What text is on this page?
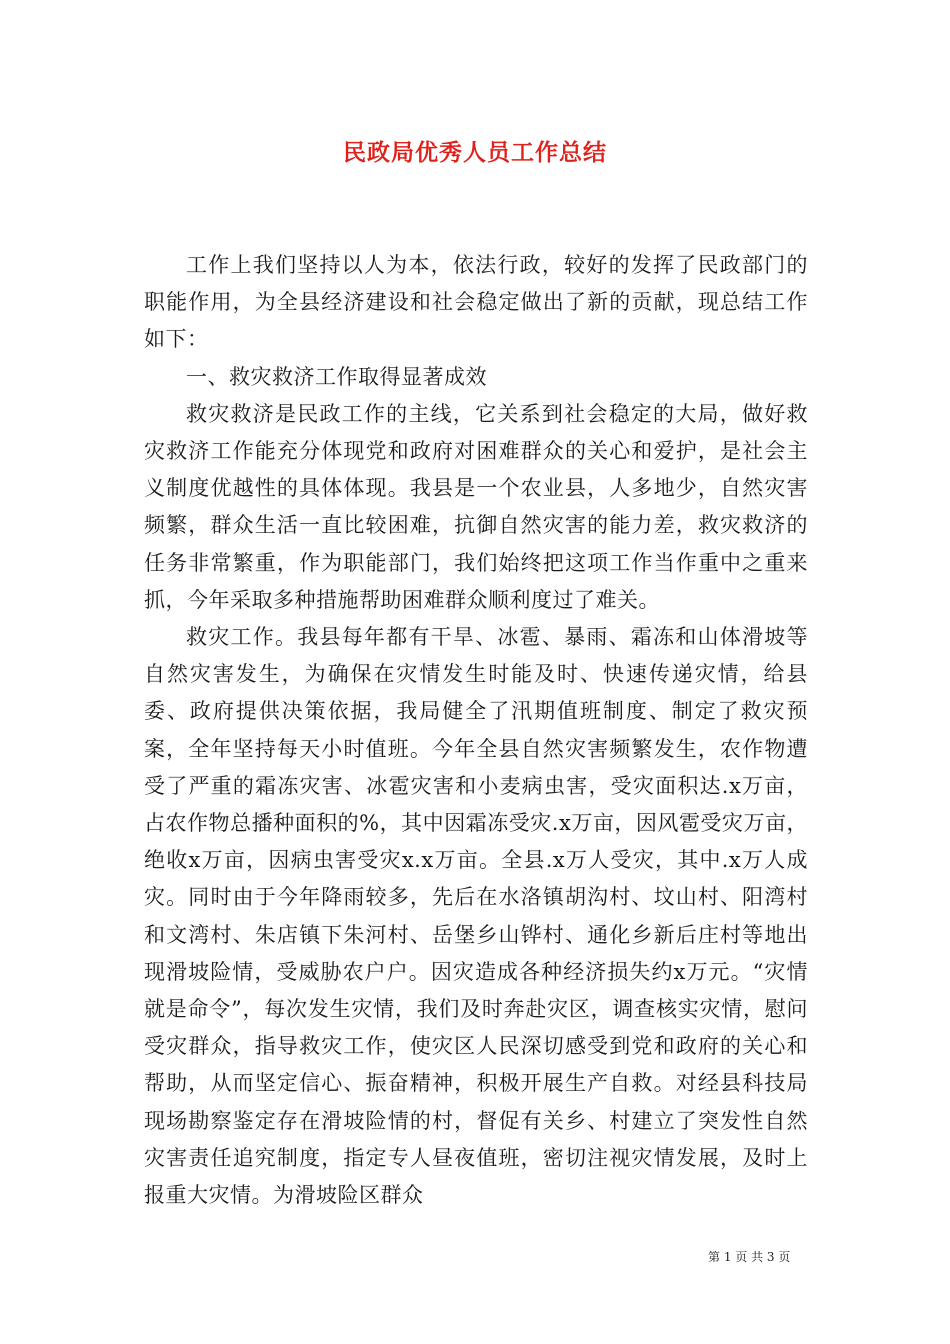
民政局优秀人员工作总结

工作上我们坚持以人为本，依法行政，较好的发挥了民政部门的职能作用，为全县经济建设和社会稳定做出了新的贡献，现总结工作如下：

一、救灾救济工作取得显著成效

救灾救济是民政工作的主线，它关系到社会稳定的大局，做好救灾救济工作能充分体现党和政府对困难群众的关心和爱护，是社会主义制度优越性的具体体现。我县是一个农业县，人多地少，自然灾害频繁，群众生活一直比较困难，抗御自然灾害的能力差，救灾救济的任务非常繁重，作为职能部门，我们始终把这项工作当作重中之重来抓，今年采取多种措施帮助困难群众顺利度过了难关。

救灾工作。我县每年都有干旱、冰雹、暴雨、霜冻和山体滑坡等自然灾害发生，为确保在灾情发生时能及时、快速传递灾情，给县委、政府提供决策依据，我局健全了汛期值班制度、制定了救灾预案，全年坚持每天小时值班。今年全县自然灾害频繁发生，农作物遭受了严重的霜冻灾害、冰雹灾害和小麦病虫害，受灾面积达.x万亩，占农作物总播种面积的%，其中因霜冻受灾.x万亩，因风雹受灾万亩，绝收x万亩，因病虫害受灾x.x万亩。全县.x万人受灾，其中.x万人成灾。同时由于今年降雨较多，先后在水洛镇胡沟村、坟山村、阳湾村和文湾村、朱店镇下朱河村、岳堡乡山铧村、通化乡新后庄村等地出现滑坡险情，受威胁农户户。因灾造成各种经济损失约x万元。“灾情就是命令”，每次发生灾情，我们及时奔赴灾区，调查核实灾情，慰问受灾群众，指导救灾工作，使灾区人民深切感受到党和政府的关心和帮助，从而坚定信心、振奋精神，积极开展生产自救。对经县科技局现场勘察鉴定存在滑坡险情的村，督促有关乡、村建立了突发性自然灾害责任追究制度，指定专人昼夜值班，密切注视灾情发展，及时上报重大灾情。为滑坡险区群众

第 1 页 共 3 页
